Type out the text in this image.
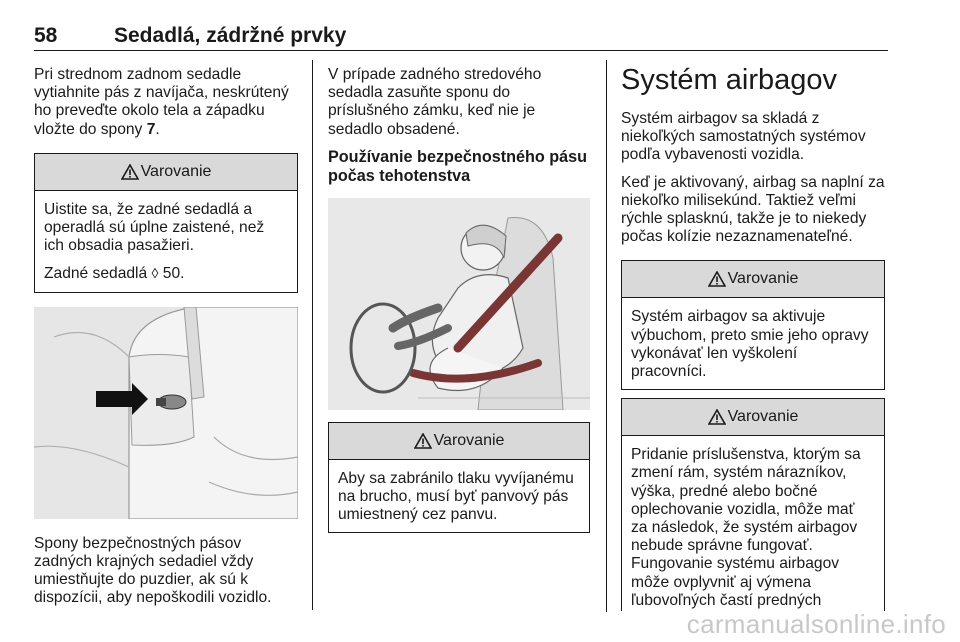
58	Sedadlá, zádržné prvky

Pri strednom zadnom sedadle vytiahnite pás z navíjača, neskrútený ho preveďte okolo tela a západku vložte do spony 7.

Varovanie

Uistite sa, že zadné sedadlá a operadlá sú úplne zaistené, než ich obsadia pasažieri.

Zadné sedadlá ◊ 50.

Spony bezpečnostných pásov zadných krajných sedadiel vždy umiestňujte do puzdier, ak sú k dispozícii, aby nepoškodili vozidlo.

V prípade zadného stredového sedadla zasuňte sponu do príslušného zámku, keď nie je sedadlo obsadené.

Používanie bezpečnostného pásu počas tehotenstva
Varovanie

Aby sa zabránilo tlaku vyvíjanému na brucho, musí byť panvový pás umiestnený cez panvu.

Systém airbagov

Systém airbagov sa skladá z niekoľkých samostatných systémov podľa vybavenosti vozidla.

Keď je aktivovaný, airbag sa naplní za niekoľko milisekúnd. Taktiež veľmi rýchle splasknú, takže je to niekedy počas kolízie nezaznamenateľné.

Varovanie

Systém airbagov sa aktivuje výbuchom, preto smie jeho opravy vykonávať len vyškolení pracovníci.

Varovanie

Pridanie príslušenstva, ktorým sa zmení rám, systém nárazníkov, výška, predné alebo bočné oplechovanie vozidla, môže mať za následok, že systém airbagov nebude správne fungovať.

Fungovanie systému airbagov môže ovplyvniť aj výmena ľubovoľných častí predných

carmanualsonline.info
